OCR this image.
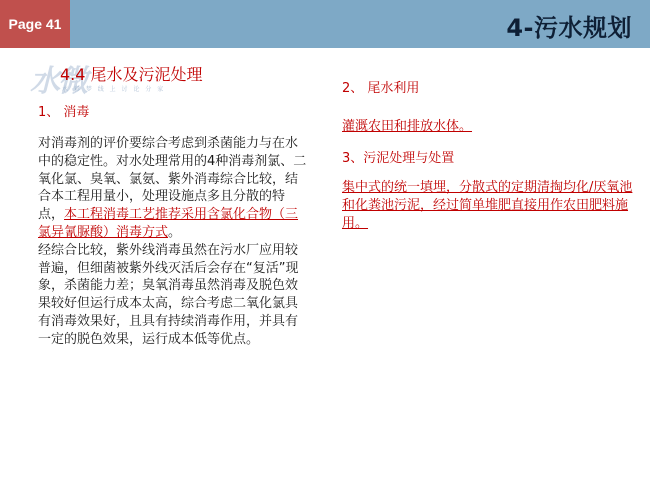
Page 41	4-污水规划
水微
水 彩 梦 线 上 讨 论 分 家
4.4 尾水及污泥处理
1、 消毒
对消毒剂的评价要综合考虑到杀菌能力与在水中的稳定性。对水处理常用的4种消毒剂氯、二氧化氯、臭氧、氯氨、紫外消毒综合比较，结合本工程用量小，处理设施点多且分散的特点，本工程消毒工艺推荐采用含氯化合物（三氯异氰脲酸）消毒方式。
经综合比较，紫外线消毒虽然在污水厂应用较普遍，但细菌被紫外线灭活后会存在“复活”现象，杀菌能力差；臭氧消毒虽然消毒及脱色效果较好但运行成本太高，综合考虑二氧化氯具有消毒效果好，且具有持续消毒作用，并具有一定的脱色效果，运行成本低等优点。
2、 尾水利用
灌溉农田和排放水体。
3、污泥处理与处置
集中式的统一填埋，分散式的定期清掏均化/厌氧池和化粪池污泥，经过简单堆肥直接用作农田肥料施用。
